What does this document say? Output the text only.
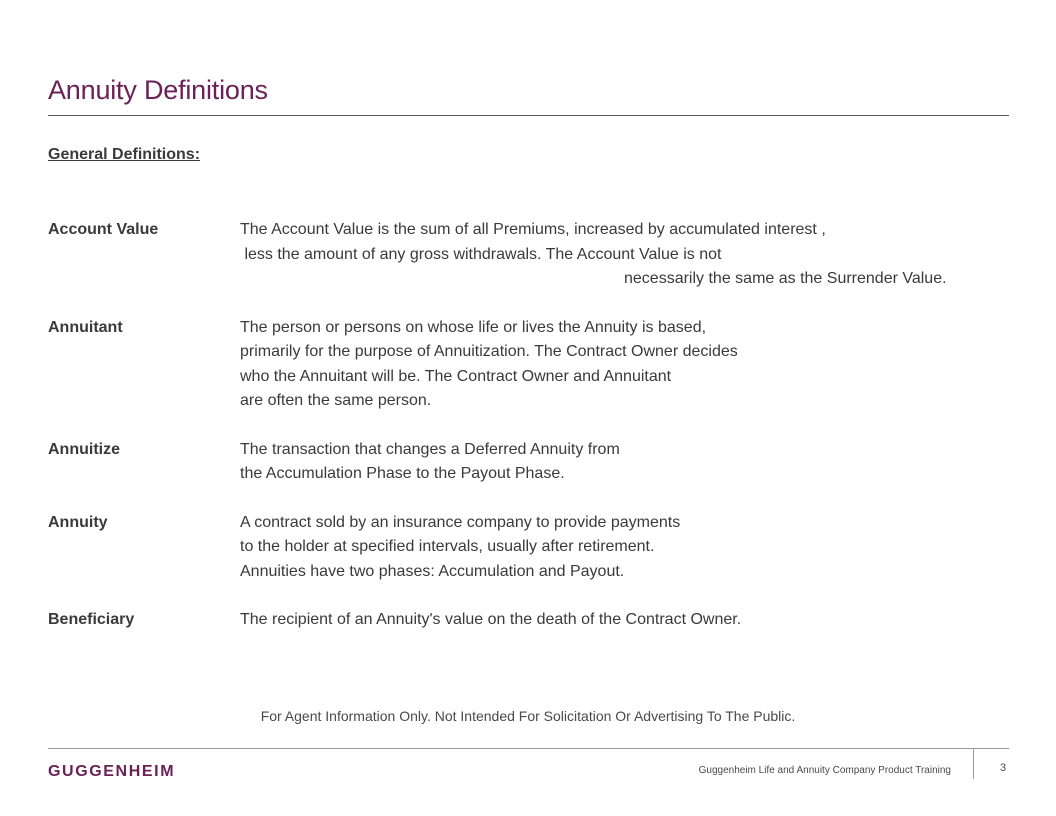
Annuity Definitions
General Definitions:
Account Value	The Account Value is the sum of all Premiums, increased by accumulated interest ,
less the amount of any gross withdrawals. The Account Value is not
necessarily the same as the Surrender Value.
Annuitant	The person or persons on whose life or lives the Annuity is based,
primarily for the purpose of Annuitization. The Contract Owner decides
who the Annuitant will be. The Contract Owner and Annuitant
are often the same person.
Annuitize	The transaction that changes a Deferred Annuity from
the Accumulation Phase to the Payout Phase.
Annuity	A contract sold by an insurance company to provide payments
to the holder at specified intervals, usually after retirement.
Annuities have two phases: Accumulation and Payout.
Beneficiary	The recipient of an Annuity's value on the death of the Contract Owner.
For Agent Information Only. Not Intended For Solicitation Or Advertising To The Public.
GUGGENHEIM	Guggenheim Life and Annuity Company Product Training	3
